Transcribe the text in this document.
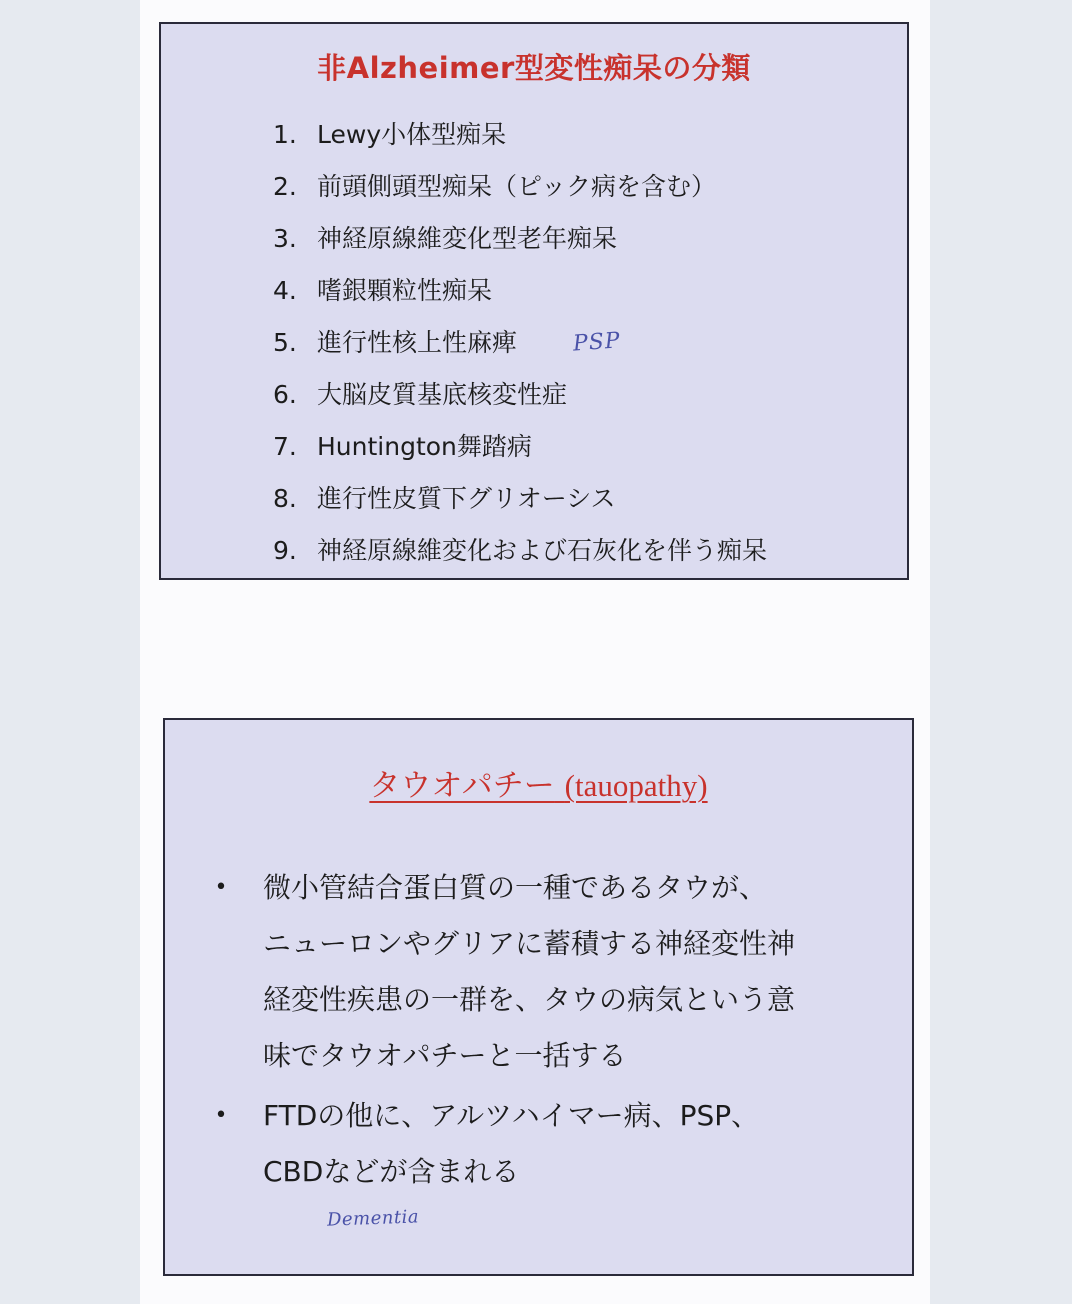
非Alzheimer型変性痴呆の分類
1. Lewy小体型痴呆
2. 前頭側頭型痴呆（ピック病を含む）
3. 神経原線維変化型老年痴呆
4. 嗜銀顆粒性痴呆
5. 進行性核上性麻痺
6. 大脳皮質基底核変性症
7. Huntington舞踏病
8. 進行性皮質下グリオーシス
9. 神経原線維変化および石灰化を伴う痴呆
PSP
タウオパチー (tauopathy)
• 微小管結合蛋白質の一種であるタウが、
ニューロンやグリアに蓄積する神経変性神
経変性疾患の一群を、タウの病気という意
味でタウオパチーと一括する
• FTDの他に、アルツハイマー病、PSP、
CBDなどが含まれる
Dementia
